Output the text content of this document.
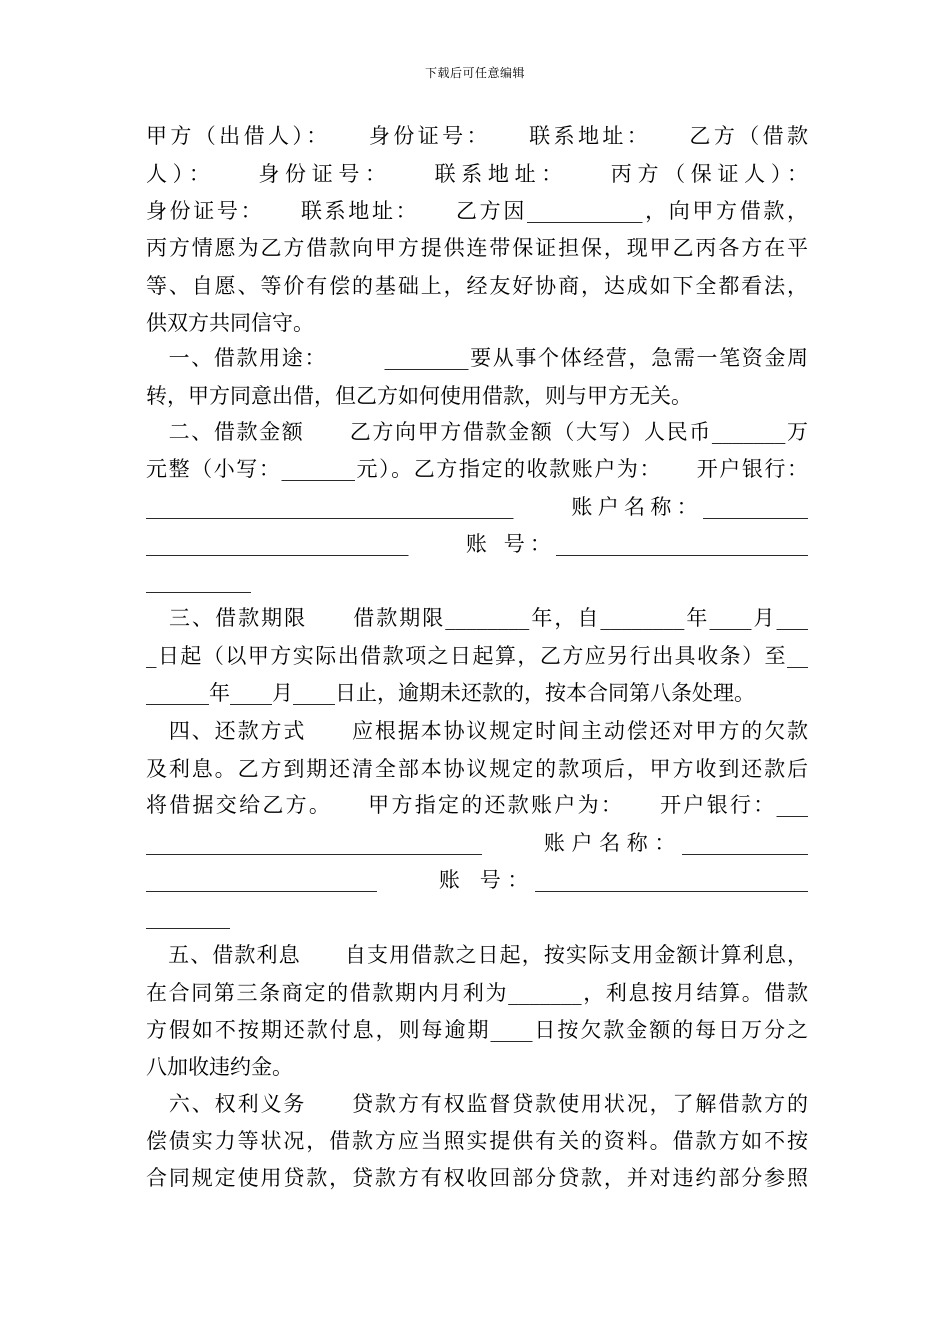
下载后可任意编辑
甲方（出借人）：　　身份证号：　　联系地址：　　乙方（借款
人）：　　身份证号：　　联系地址：　　丙方（保证人）：
身份证号：　　联系地址：　　乙方因___________，向甲方借款，
丙方情愿为乙方借款向甲方提供连带保证担保，现甲乙丙各方在平
等、自愿、等价有偿的基础上，经友好协商，达成如下全都看法，
供双方共同信守。
　一、借款用途：　　　________要从事个体经营，急需一笔资金周
转，甲方同意出借，但乙方如何使用借款，则与甲方无关。
　二、借款金额　　乙方向甲方借款金额（大写）人民币_______万
元整（小写：_______元）。乙方指定的收款账户为：　　开户银行：
___________________________________　　账户名称：__________
_________________________　　账 号：________________________
__________
　三、借款期限　　借款期限________年，自________年____月___
_日起（以甲方实际出借款项之日起算，乙方应另行出具收条）至__
______年____月____日止，逾期未还款的，按本合同第八条处理。
　四、还款方式　　应根据本协议规定时间主动偿还对甲方的欠款
及利息。乙方到期还清全部本协议规定的款项后，甲方收到还款后
将借据交给乙方。　　甲方指定的还款账户为：　　开户银行：___
________________________________　　账户名称：____________
______________________　　账 号：__________________________
________
　五、借款利息　　自支用借款之日起，按实际支用金额计算利息，
在合同第三条商定的借款期内月利为_______，利息按月结算。借款
方假如不按期还款付息，则每逾期____日按欠款金额的每日万分之
八加收违约金。
　六、权利义务　　贷款方有权监督贷款使用状况，了解借款方的
偿债实力等状况，借款方应当照实提供有关的资料。借款方如不按
合同规定使用贷款，贷款方有权收回部分贷款，并对违约部分参照
